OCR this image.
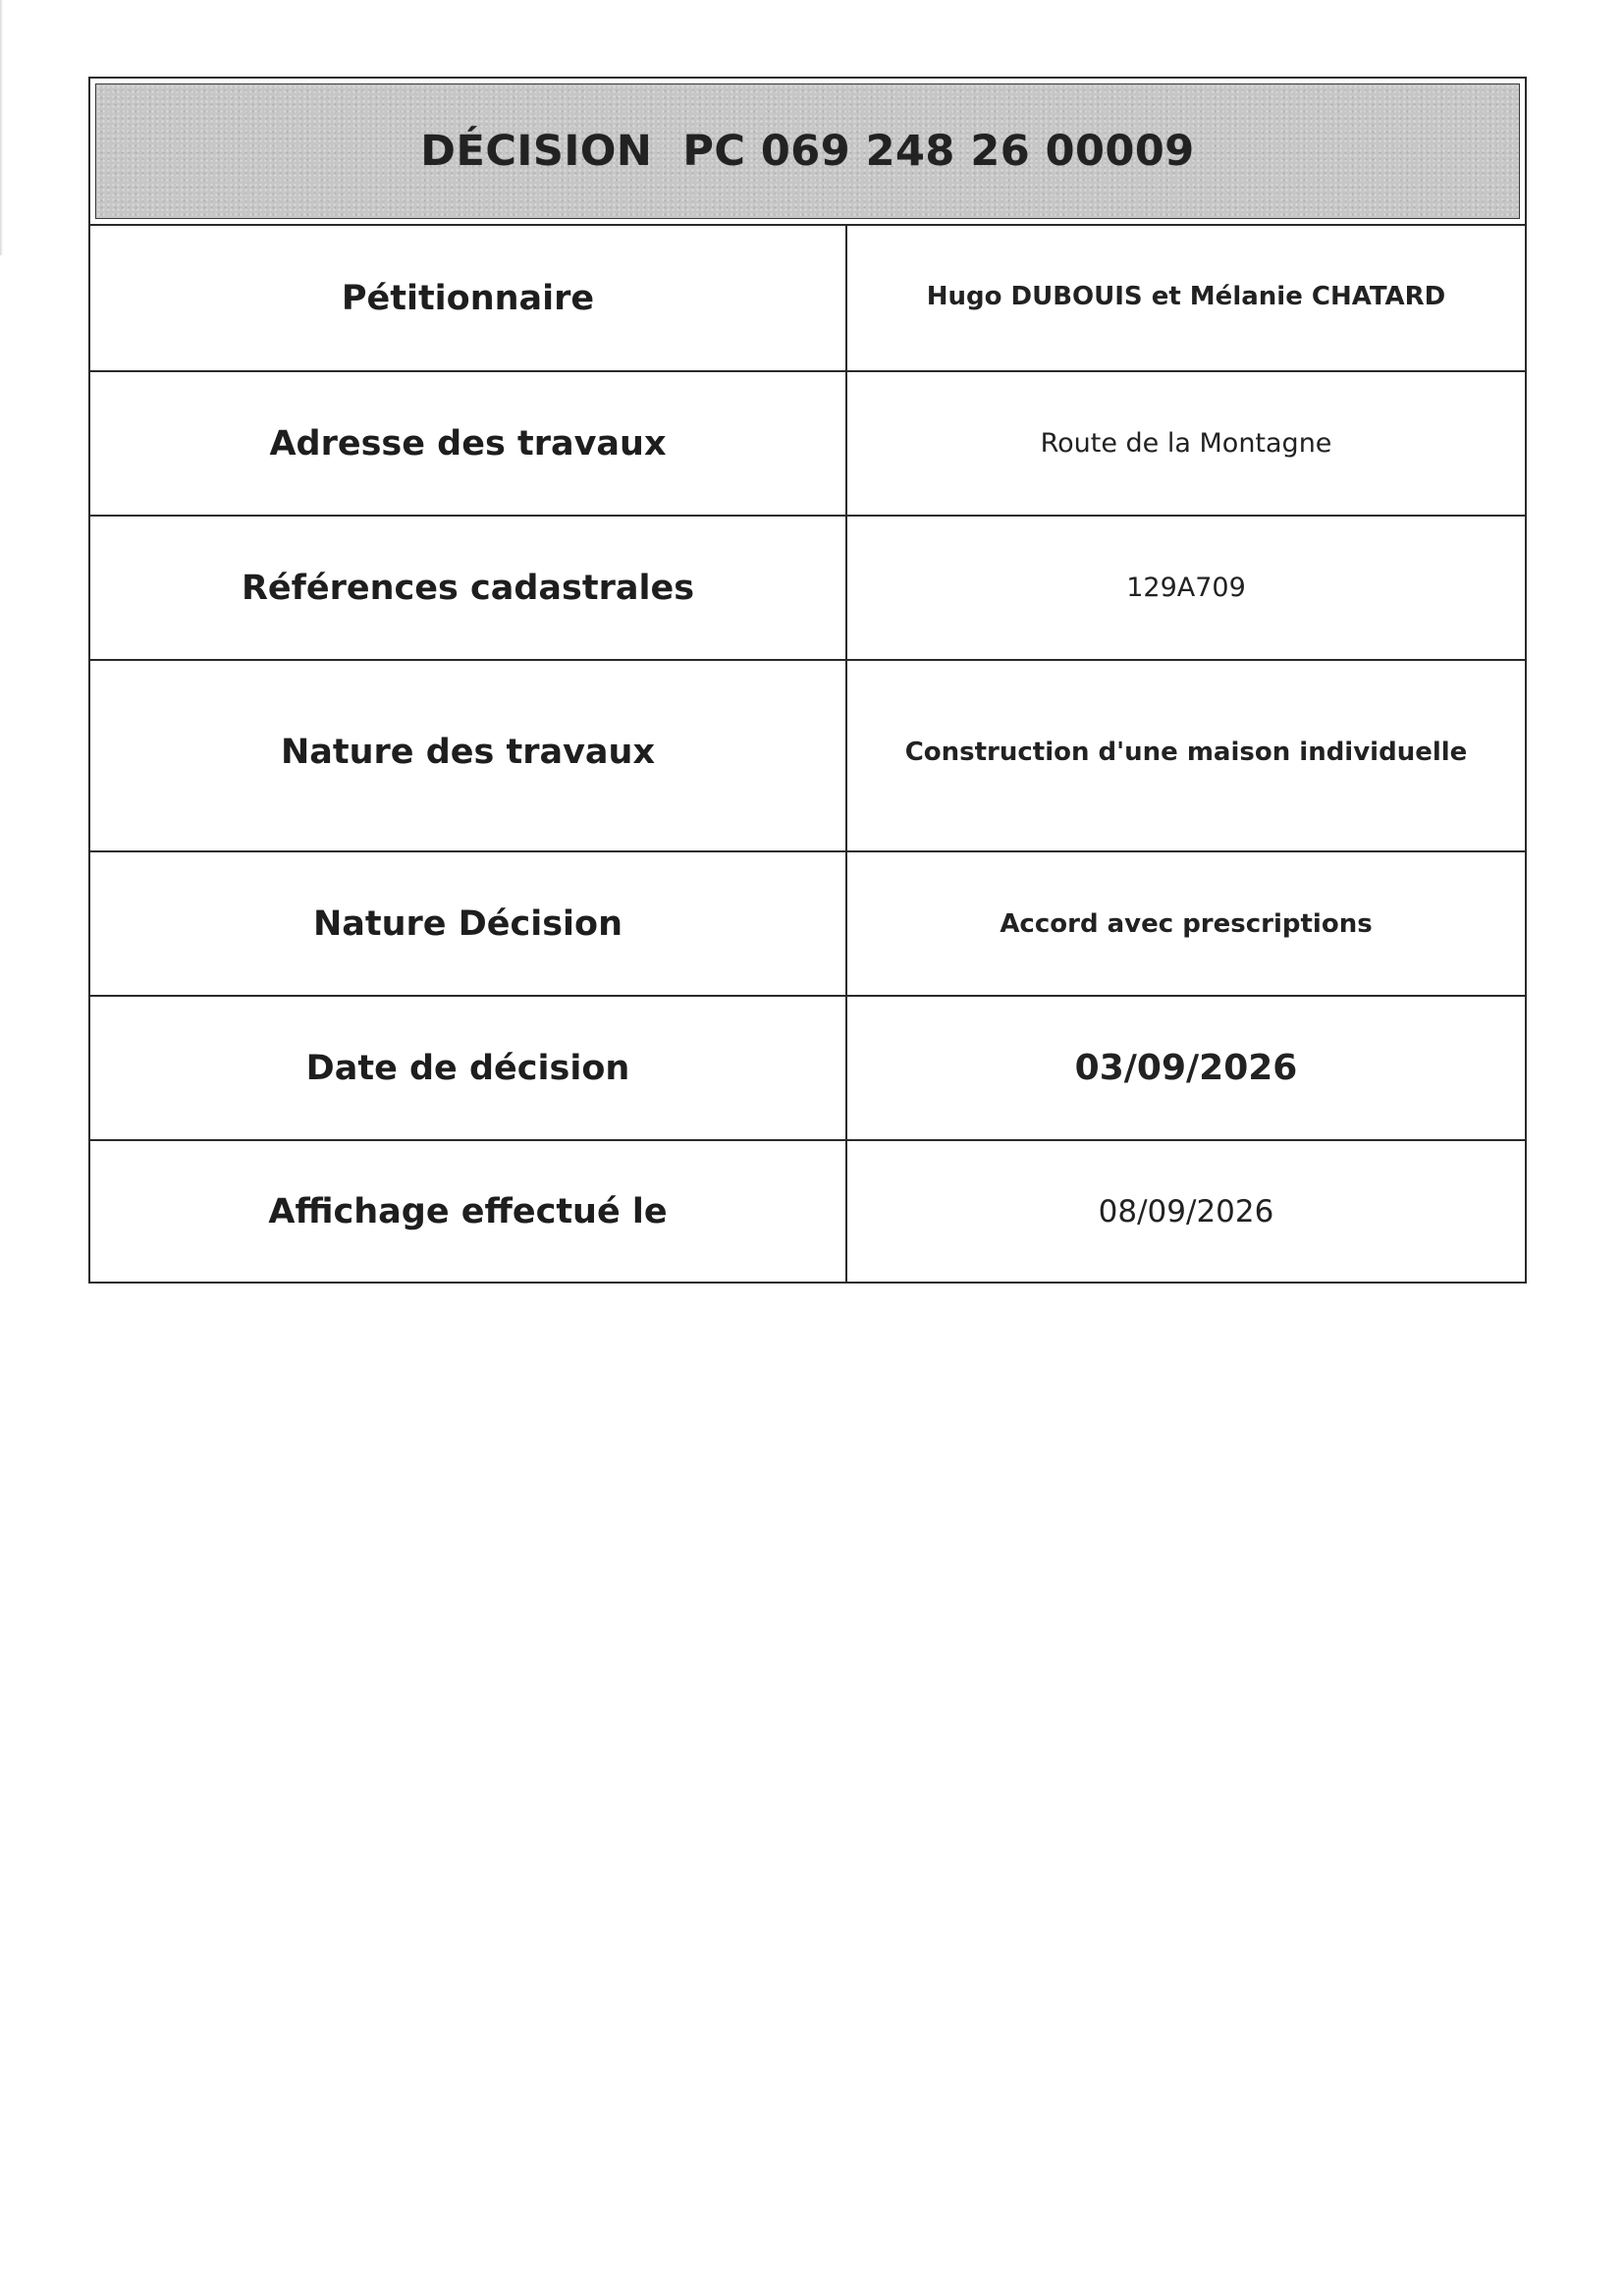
DÉCISION  PC 069 248 26 00009
Pétitionnaire	Hugo DUBOUIS et Mélanie CHATARD
Adresse des travaux	Route de la Montagne
Références cadastrales	129A709
Nature des travaux	Construction d'une maison individuelle
Nature Décision	Accord avec prescriptions
Date de décision	03/09/2026
Affichage effectué le	08/09/2026
